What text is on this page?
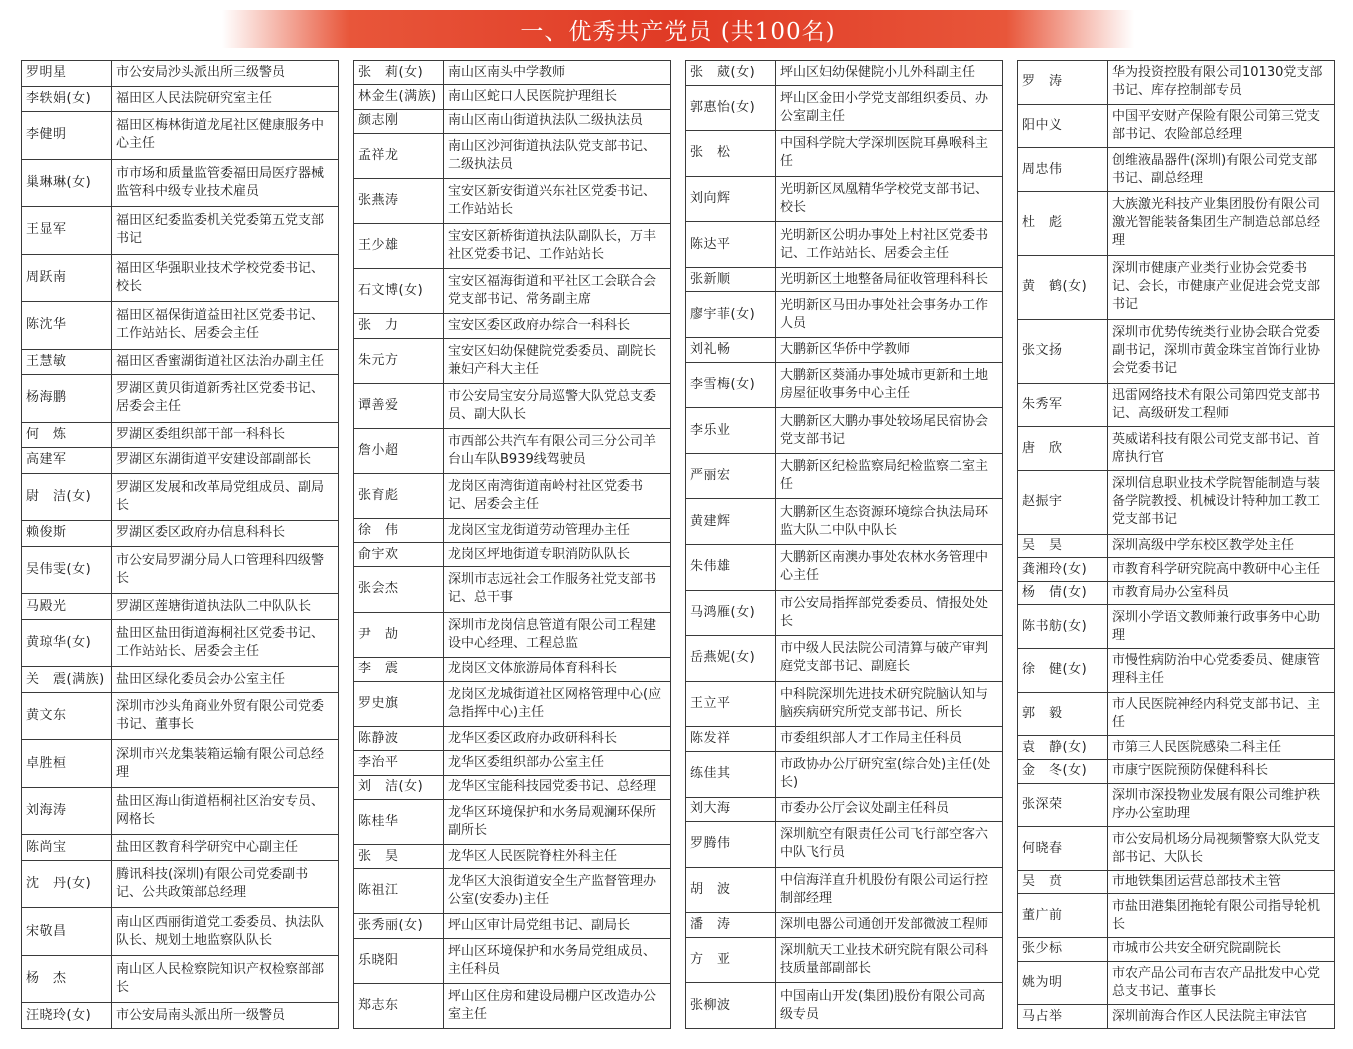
一、优秀共产党员 (共100名)
罗明星	市公安局沙头派出所三级警员
李轶娟(女)	福田区人民法院研究室主任
李健明	福田区梅林街道龙尾社区健康服务中心主任
巢琳琳(女)	市市场和质量监管委福田局医疗器械监管科中级专业技术雇员
王显军	福田区纪委监委机关党委第五党支部书记
周跃南	福田区华强职业技术学校党委书记、校长
陈沈华	福田区福保街道益田社区党委书记、工作站站长、居委会主任
王慧敏	福田区香蜜湖街道社区法治办副主任
杨海鹏	罗湖区黄贝街道新秀社区党委书记、居委会主任
何　炼	罗湖区委组织部干部一科科长
高建军	罗湖区东湖街道平安建设部副部长
尉　洁(女)	罗湖区发展和改革局党组成员、副局长
赖俊斯	罗湖区委区政府办信息科科长
吴伟雯(女)	市公安局罗湖分局人口管理科四级警长
马殿光	罗湖区莲塘街道执法队二中队队长
黄琼华(女)	盐田区盐田街道海桐社区党委书记、工作站站长、居委会主任
关　震(满族)	盐田区绿化委员会办公室主任
黄文东	深圳市沙头角商业外贸有限公司党委书记、董事长
卓胜桓	深圳市兴龙集装箱运输有限公司总经理
刘海涛	盐田区海山街道梧桐社区治安专员、网格长
陈尚宝	盐田区教育科学研究中心副主任
沈　丹(女)	腾讯科技(深圳)有限公司党委副书记、公共政策部总经理
宋敬昌	南山区西丽街道党工委委员、执法队队长、规划土地监察队队长
杨　杰	南山区人民检察院知识产权检察部部长
汪晓玲(女)	市公安局南头派出所一级警员
张　莉(女)	南山区南头中学教师
林金生(满族)	南山区蛇口人民医院护理组长
颜志刚	南山区南山街道执法队二级执法员
孟祥龙	南山区沙河街道执法队党支部书记、二级执法员
张燕涛	宝安区新安街道兴东社区党委书记、工作站站长
王少雄	宝安区新桥街道执法队副队长，万丰社区党委书记、工作站站长
石文博(女)	宝安区福海街道和平社区工会联合会党支部书记、常务副主席
张　力	宝安区委区政府办综合一科科长
朱元方	宝安区妇幼保健院党委委员、副院长兼妇产科大主任
谭善爱	市公安局宝安分局巡警大队党总支委员、副大队长
詹小超	市西部公共汽车有限公司三分公司羊台山车队B939线驾驶员
张育彪	龙岗区南湾街道南岭村社区党委书记、居委会主任
徐　伟	龙岗区宝龙街道劳动管理办主任
俞宇欢	龙岗区坪地街道专职消防队队长
张会杰	深圳市志远社会工作服务社党支部书记、总干事
尹　劼	深圳市龙岗信息管道有限公司工程建设中心经理、工程总监
李　震	龙岗区文体旅游局体育科科长
罗史旗	龙岗区龙城街道社区网格管理中心(应急指挥中心)主任
陈静波	龙华区委区政府办政研科科长
李治平	龙华区委组织部办公室主任
刘　洁(女)	龙华区宝能科技园党委书记、总经理
陈桂华	龙华区环境保护和水务局观澜环保所副所长
张　昊	龙华区人民医院脊柱外科主任
陈祖江	龙华区大浪街道安全生产监督管理办公室(安委办)主任
张秀丽(女)	坪山区审计局党组书记、副局长
乐晓阳	坪山区环境保护和水务局党组成员、主任科员
郑志东	坪山区住房和建设局棚户区改造办公室主任
张　葳(女)	坪山区妇幼保健院小儿外科副主任
郭惠怡(女)	坪山区金田小学党支部组织委员、办公室副主任
张　松	中国科学院大学深圳医院耳鼻喉科主任
刘向辉	光明新区凤凰精华学校党支部书记、校长
陈达平	光明新区公明办事处上村社区党委书记、工作站站长、居委会主任
张新顺	光明新区土地整备局征收管理科科长
廖宇菲(女)	光明新区马田办事处社会事务办工作人员
刘礼畅	大鹏新区华侨中学教师
李雪梅(女)	大鹏新区葵涌办事处城市更新和土地房屋征收事务中心主任
李乐业	大鹏新区大鹏办事处较场尾民宿协会党支部书记
严丽宏	大鹏新区纪检监察局纪检监察二室主任
黄建辉	大鹏新区生态资源环境综合执法局环监大队二中队中队长
朱伟雄	大鹏新区南澳办事处农林水务管理中心主任
马鸿雁(女)	市公安局指挥部党委委员、情报处处长
岳燕妮(女)	市中级人民法院公司清算与破产审判庭党支部书记、副庭长
王立平	中科院深圳先进技术研究院脑认知与脑疾病研究所党支部书记、所长
陈发祥	市委组织部人才工作局主任科员
练佳其	市政协办公厅研究室(综合处)主任(处长)
刘大海	市委办公厅会议处副主任科员
罗腾伟	深圳航空有限责任公司飞行部空客六中队飞行员
胡　波	中信海洋直升机股份有限公司运行控制部经理
潘　涛	深圳电器公司通创开发部微波工程师
方　亚	深圳航天工业技术研究院有限公司科技质量部副部长
张柳波	中国南山开发(集团)股份有限公司高级专员
罗　涛	华为投资控股有限公司10130党支部书记、库存控制部专员
阳中义	中国平安财产保险有限公司第三党支部书记、农险部总经理
周忠伟	创维液晶器件(深圳)有限公司党支部书记、副总经理
杜　彪	大族激光科技产业集团股份有限公司激光智能装备集团生产制造总部总经理
黄　鹤(女)	深圳市健康产业类行业协会党委书记、会长，市健康产业促进会党支部书记
张文扬	深圳市优势传统类行业协会联合党委副书记，深圳市黄金珠宝首饰行业协会党委书记
朱秀军	迅雷网络技术有限公司第四党支部书记、高级研发工程师
唐　欣	英威诺科技有限公司党支部书记、首席执行官
赵振宇	深圳信息职业技术学院智能制造与装备学院教授、机械设计特种加工教工党支部书记
吴　昊	深圳高级中学东校区教学处主任
龚湘玲(女)	市教育科学研究院高中教研中心主任
杨　倩(女)	市教育局办公室科员
陈书舫(女)	深圳小学语文教师兼行政事务中心助理
徐　健(女)	市慢性病防治中心党委委员、健康管理科主任
郭　毅	市人民医院神经内科党支部书记、主任
袁　静(女)	市第三人民医院感染二科主任
金　冬(女)	市康宁医院预防保健科科长
张深荣	深圳市深投物业发展有限公司维护秩序办公室助理
何晓春	市公安局机场分局视频警察大队党支部书记、大队长
吴　贲	市地铁集团运营总部技术主管
董广前	市盐田港集团拖轮有限公司指导轮机长
张少标	市城市公共安全研究院副院长
姚为明	市农产品公司布吉农产品批发中心党总支书记、董事长
马占举	深圳前海合作区人民法院主审法官
